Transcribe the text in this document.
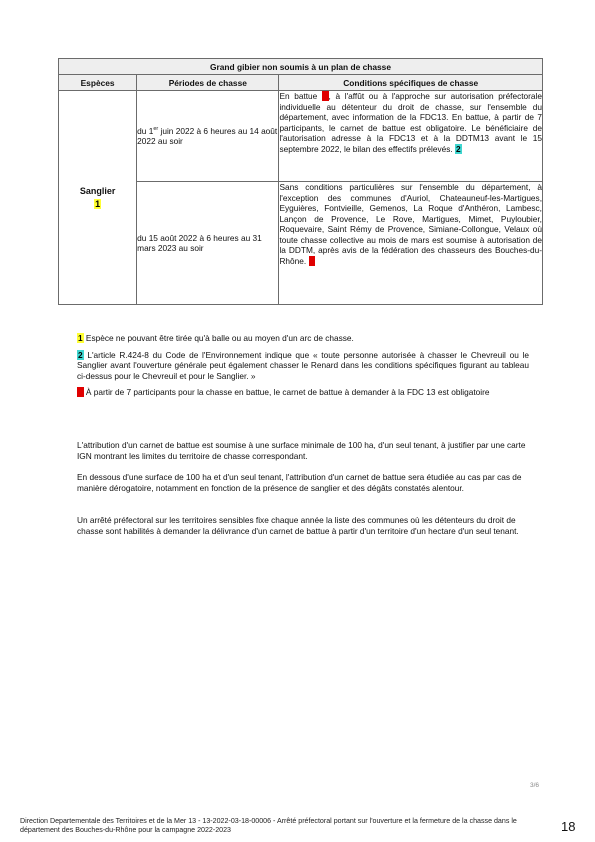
Grand gibier non soumis à un plan de chasse		
Espèces	Périodes de chasse	Conditions spécifiques de chasse

Sanglier
1	du 1er juin 2022 à 6 heures au 14 août 2022 au soir	En battue 3, à l'affût ou à l'approche sur autorisation préfectorale individuelle au détenteur du droit de chasse, sur l'ensemble du département, avec information de la FDC13. En battue, à partir de 7 participants, le carnet de battue est obligatoire. Le bénéficiaire de l'autorisation adresse à la FDC13 et à la DDTM13 avant le 15 septembre 2022, le bilan des effectifs prélevés. 2
	du 15 août 2022 à 6 heures au 31 mars 2023 au soir	Sans conditions particulières sur l'ensemble du département, à l'exception des communes d'Auriol, Chateauneuf-les-Martigues, Eyguières, Fontvieille, Gemenos, La Roque d'Anthéron, Lambesc, Lançon de Provence, Le Rove, Martigues, Mimet, Puyloubier, Roquevaire, Saint Rémy de Provence, Simiane-Collongue, Velaux où toute chasse collective au mois de mars est soumise à autorisation de la DDTM, après avis de la fédération des chasseurs des Bouches-du-Rhône. 3

1 Espèce ne pouvant être tirée qu'à balle ou au moyen d'un arc de chasse.

2 L'article R.424-8 du Code de l'Environnement indique que « toute personne autorisée à chasser le Chevreuil ou le Sanglier avant l'ouverture générale peut également chasser le Renard dans les conditions spécifiques figurant au tableau ci-dessus pour le Chevreuil et pour le Sanglier. »

3 À partir de 7 participants pour la chasse en battue, le carnet de battue à demander à la FDC 13 est obligatoire

L'attribution d'un carnet de battue est soumise à une surface minimale de 100 ha, d'un seul tenant, à justifier par une carte IGN montrant les limites du territoire de chasse correspondant.

En dessous d'une surface de 100 ha et d'un seul tenant, l'attribution d'un carnet de battue sera étudiée au cas par cas de manière dérogatoire, notamment en fonction de la présence de sanglier et des dégâts constatés alentour.

Un arrêté préfectoral sur les territoires sensibles fixe chaque année la liste des communes où les détenteurs du droit de chasse sont habilités à demander la délivrance d'un carnet de battue à partir d'un territoire d'un hectare d'un seul tenant.

3/6
Direction Departementale des Territoires et de la Mer 13 - 13-2022-03-18-00006 - Arrêté préfectoral portant sur l'ouverture et la fermeture de la chasse dans le département des Bouches-du-Rhône pour la campagne 2022-2023	18
